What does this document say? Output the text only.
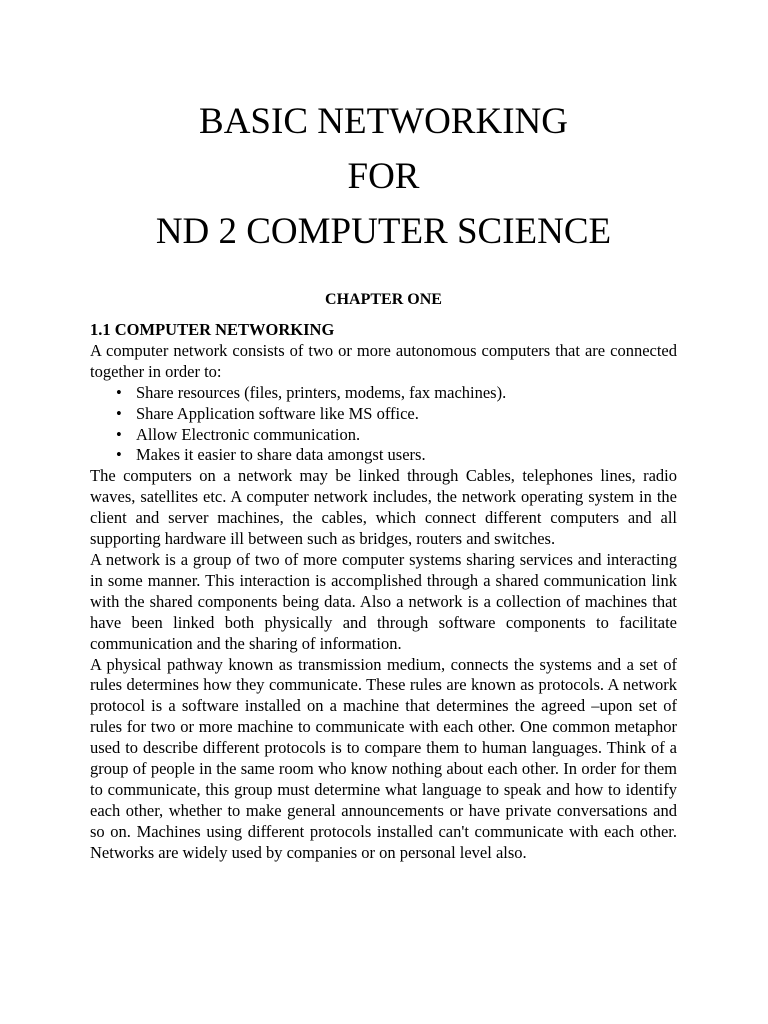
BASIC NETWORKING
FOR
ND 2 COMPUTER SCIENCE
CHAPTER ONE
1.1 COMPUTER NETWORKING

A computer network consists of two or more autonomous computers that are connected together in order to:

• Share resources (files, printers, modems, fax machines).
• Share Application software like MS office.
• Allow Electronic communication.
• Makes it easier to share data amongst users.

The computers on a network may be linked through Cables, telephones lines, radio waves, satellites etc. A computer network includes, the network operating system in the client and server machines, the cables, which connect different computers and all supporting hardware ill between such as bridges, routers and switches.

A network is a group of two of more computer systems sharing services and interacting in some manner. This interaction is accomplished through a shared communication link with the shared components being data. Also a network is a collection of machines that have been linked both physically and through software components to facilitate communication and the sharing of information.

A physical pathway known as transmission medium, connects the systems and a set of rules determines how they communicate. These rules are known as protocols. A network protocol is a software installed on a machine that determines the agreed –upon set of rules for two or more machine to communicate with each other. One common metaphor used to describe different protocols is to compare them to human languages. Think of a group of people in the same room who know nothing about each other. In order for them to communicate, this group must determine what language to speak and how to identify each other, whether to make general announcements or have private conversations and so on. Machines using different protocols installed can't communicate with each other. Networks are widely used by companies or on personal level also.
